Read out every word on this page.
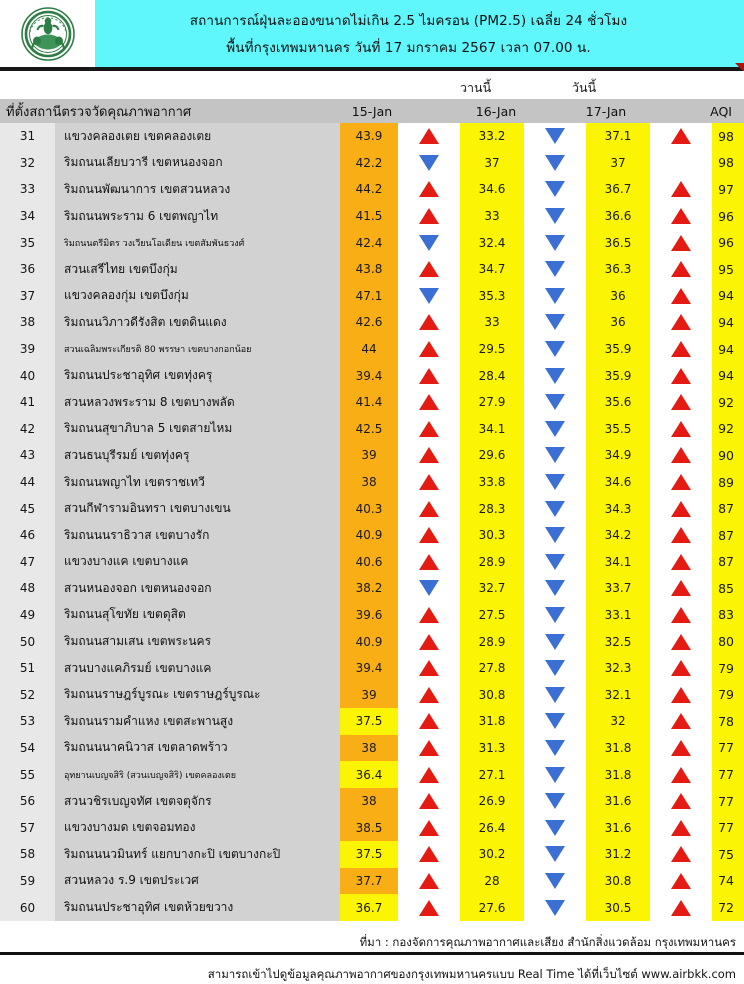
สถานการณ์ฝุ่นละอองขนาดไม่เกิน 2.5 ไมครอน (PM2.5) เฉลี่ย 24 ชั่วโมง
พื้นที่กรุงเทพมหานคร วันที่ 17 มกราคม 2567 เวลา 07.00 น.
วานนี้	วันนี้
ที่ตั้งสถานีตรวจวัดคุณภาพอากาศ	15-Jan	16-Jan	17-Jan	AQI
31	แขวงคลองเตย เขตคลองเตย	43.9	33.2	37.1	98
32	ริมถนนเลียบวารี เขตหนองจอก	42.2	37	37	98
33	ริมถนนพัฒนาการ เขตสวนหลวง	44.2	34.6	36.7	97
34	ริมถนนพระราม 6 เขตพญาไท	41.5	33	36.6	96
35	ริมถนนตรีมิตร วงเวียนโอเดียน เขตสัมพันธวงศ์	42.4	32.4	36.5	96
36	สวนเสรีไทย เขตบึงกุ่ม	43.8	34.7	36.3	95
37	แขวงคลองกุ่ม เขตบึงกุ่ม	47.1	35.3	36	94
38	ริมถนนวิภาวดีรังสิต เขตดินแดง	42.6	33	36	94
39	สวนเฉลิมพระเกียรติ 80 พรรษา เขตบางกอกน้อย	44	29.5	35.9	94
40	ริมถนนประชาอุทิศ เขตทุ่งครุ	39.4	28.4	35.9	94
41	สวนหลวงพระราม 8 เขตบางพลัด	41.4	27.9	35.6	92
42	ริมถนนสุขาภิบาล 5 เขตสายไหม	42.5	34.1	35.5	92
43	สวนธนบุรีรมย์ เขตทุ่งครุ	39	29.6	34.9	90
44	ริมถนนพญาไท เขตราชเทวี	38	33.8	34.6	89
45	สวนกีฬารามอินทรา เขตบางเขน	40.3	28.3	34.3	87
46	ริมถนนนราธิวาส เขตบางรัก	40.9	30.3	34.2	87
47	แขวงบางแค เขตบางแค	40.6	28.9	34.1	87
48	สวนหนองจอก เขตหนองจอก	38.2	32.7	33.7	85
49	ริมถนนสุโขทัย เขตดุสิต	39.6	27.5	33.1	83
50	ริมถนนสามเสน เขตพระนคร	40.9	28.9	32.5	80
51	สวนบางแคภิรมย์ เขตบางแค	39.4	27.8	32.3	79
52	ริมถนนราษฎร์บูรณะ เขตราษฎร์บูรณะ	39	30.8	32.1	79
53	ริมถนนรามคำแหง เขตสะพานสูง	37.5	31.8	32	78
54	ริมถนนนาคนิวาส เขตลาดพร้าว	38	31.3	31.8	77
55	อุทยานเบญจสิริ (สวนเบญจสิริ) เขตคลองเตย	36.4	27.1	31.8	77
56	สวนวชิรเบญจทัศ เขตจตุจักร	38	26.9	31.6	77
57	แขวงบางมด เขตจอมทอง	38.5	26.4	31.6	77
58	ริมถนนนวมินทร์ แยกบางกะปิ เขตบางกะปิ	37.5	30.2	31.2	75
59	สวนหลวง ร.9 เขตประเวศ	37.7	28	30.8	74
60	ริมถนนประชาอุทิศ เขตห้วยขวาง	36.7	27.6	30.5	72
ที่มา : กองจัดการคุณภาพอากาศและเสียง สำนักสิ่งแวดล้อม กรุงเทพมหานคร
สามารถเข้าไปดูข้อมูลคุณภาพอากาศของกรุงเทพมหานครแบบ Real Time ได้ที่เว็บไซต์ www.airbkk.com
